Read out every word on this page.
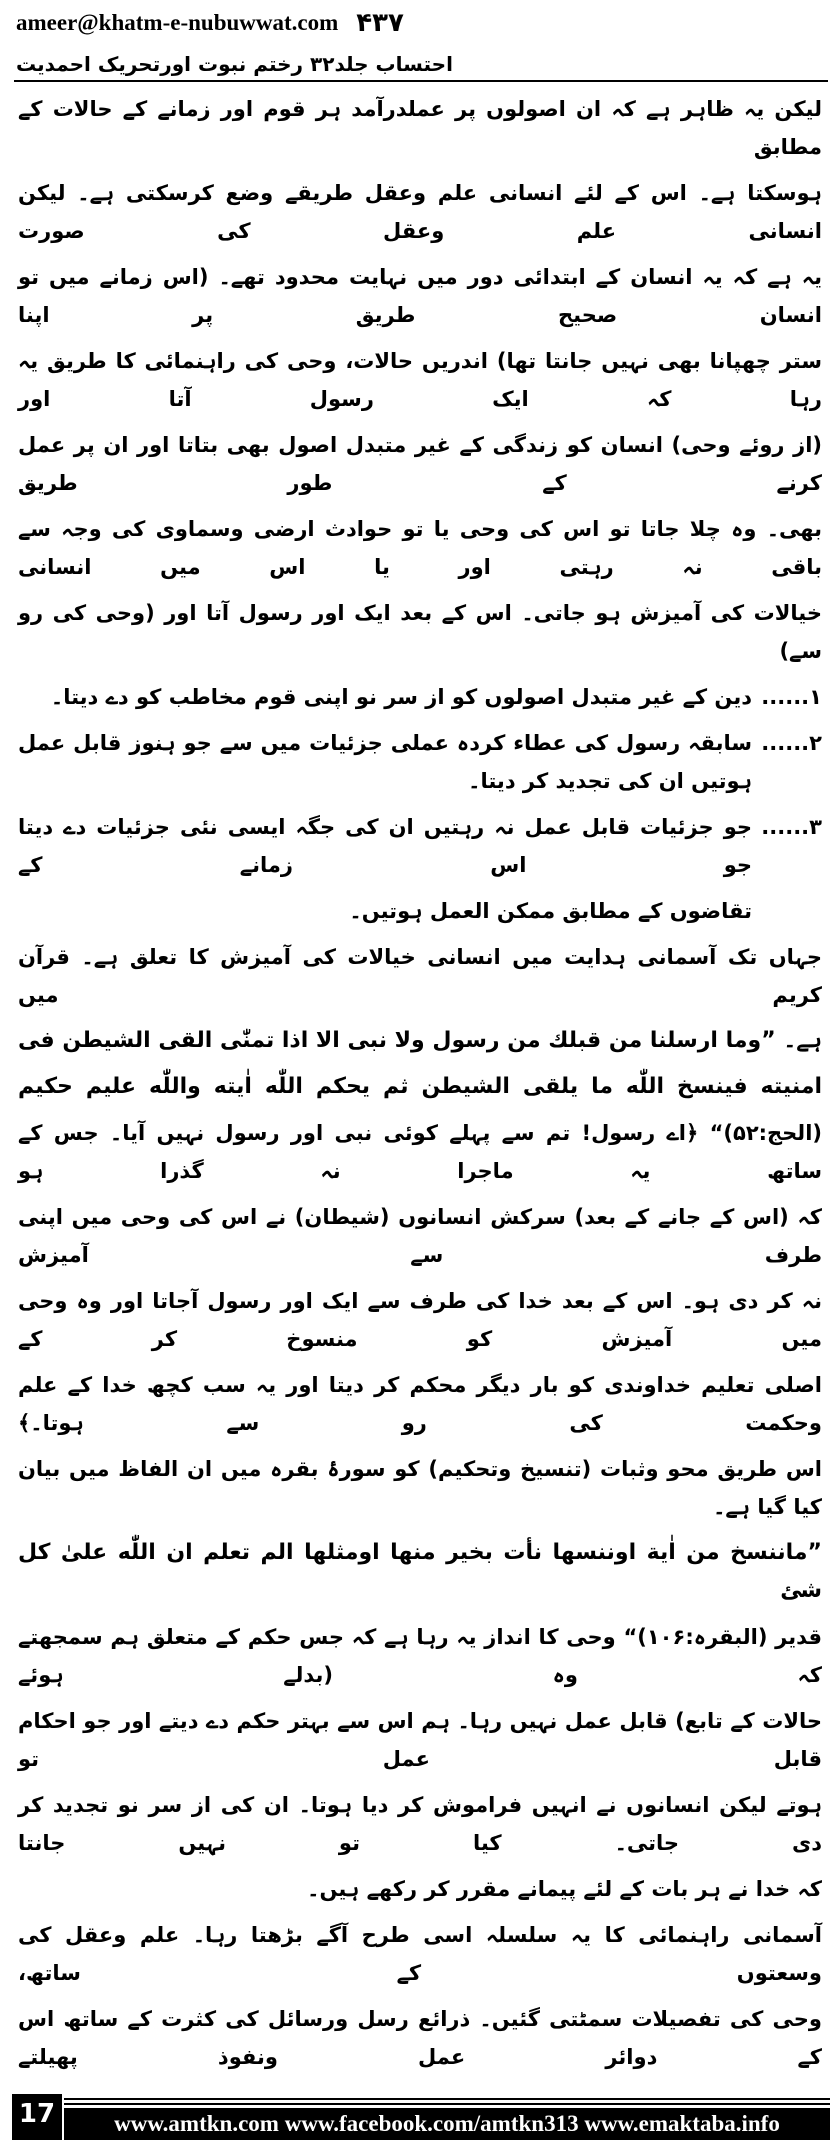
ameer@khatm-e-nubuwwat.com ۴۳۷
احتساب جلد۳۲ رختم نبوت اورتحریک احمدیت
لیکن یہ ظاہر ہے کہ ان اصولوں پر عملدرآمد ہر قوم اور زمانے کے حالات کے مطابق
ہوسکتا ہے۔ اس کے لئے انسانی علم وعقل طریقے وضع کرسکتی ہے۔ لیکن انسانی علم وعقل کی صورت
یہ ہے کہ یہ انسان کے ابتدائی دور میں نہایت محدود تھے۔ (اس زمانے میں تو انسان صحیح طریق پر اپنا
ستر چھپانا بھی نہیں جانتا تھا) اندریں حالات، وحی کی راہنمائی کا طریق یہ رہا کہ ایک رسول آتا اور
(از روئے وحی) انسان کو زندگی کے غیر متبدل اصول بھی بتاتا اور ان پر عمل کرنے کے طور طریق
بھی۔ وہ چلا جاتا تو اس کی وحی یا تو حوادث ارضی وسماوی کی وجہ سے باقی نہ رہتی اور یا اس میں انسانی
خیالات کی آمیزش ہو جاتی۔ اس کے بعد ایک اور رسول آتا اور (وحی کی رو سے)
۱......
دین کے غیر متبدل اصولوں کو از سر نو اپنی قوم مخاطب کو دے دیتا۔
۲......
سابقہ رسول کی عطاء کردہ عملی جزئیات میں سے جو ہنوز قابل عمل ہوتیں ان کی تجدید کر دیتا۔
۳......
جو جزئیات قابل عمل نہ رہتیں ان کی جگہ ایسی نئی جزئیات دے دیتا جو اس زمانے کے
تقاضوں کے مطابق ممکن العمل ہوتیں۔
جہاں تک آسمانی ہدایت میں انسانی خیالات کی آمیزش کا تعلق ہے۔ قرآن کریم میں
ہے۔ ”وما ارسلنا من قبلك من رسول ولا نبی الا اذا تمنّٰی القی الشیطن فی
امنیته فینسخ اللّٰه ما یلقی الشیطن ثم یحکم اللّٰه اٰیته واللّٰه علیم حکیم
(الحج:۵۲)“ ﴿اے رسول! تم سے پہلے کوئی نبی اور رسول نہیں آیا۔ جس کے ساتھ یہ ماجرا نہ گذرا ہو
کہ (اس کے جانے کے بعد) سرکش انسانوں (شیطان) نے اس کی وحی میں اپنی طرف سے آمیزش
نہ کر دی ہو۔ اس کے بعد خدا کی طرف سے ایک اور رسول آجاتا اور وہ وحی میں آمیزش کو منسوخ کر کے
اصلی تعلیم خداوندی کو بار دیگر محکم کر دیتا اور یہ سب کچھ خدا کے علم وحکمت کی رو سے ہوتا۔﴾
اس طریق محو وثبات (تنسیخ وتحکیم) کو سورۂ بقرہ میں ان الفاظ میں بیان کیا گیا ہے۔
”ماننسخ من اٰیة اوننسها نأت بخیر منها اومثلها الم تعلم ان اللّٰه علیٰ کل شئ
قدیر (البقرہ:۱۰۶)“ وحی کا انداز یہ رہا ہے کہ جس حکم کے متعلق ہم سمجھتے کہ وہ (بدلے ہوئے
حالات کے تابع) قابل عمل نہیں رہا۔ ہم اس سے بہتر حکم دے دیتے اور جو احکام قابل عمل تو
ہوتے لیکن انسانوں نے انہیں فراموش کر دیا ہوتا۔ ان کی از سر نو تجدید کر دی جاتی۔ کیا تو نہیں جانتا
کہ خدا نے ہر بات کے لئے پیمانے مقرر کر رکھے ہیں۔
آسمانی راہنمائی کا یہ سلسلہ اسی طرح آگے بڑھتا رہا۔ علم وعقل کی وسعتوں کے ساتھ،
وحی کی تفصیلات سمٹتی گئیں۔ ذرائع رسل ورسائل کی کثرت کے ساتھ اس کے دوائر عمل ونفوذ پھیلتے
17	www.amtkn.com www.facebook.com/amtkn313 www.emaktaba.info
